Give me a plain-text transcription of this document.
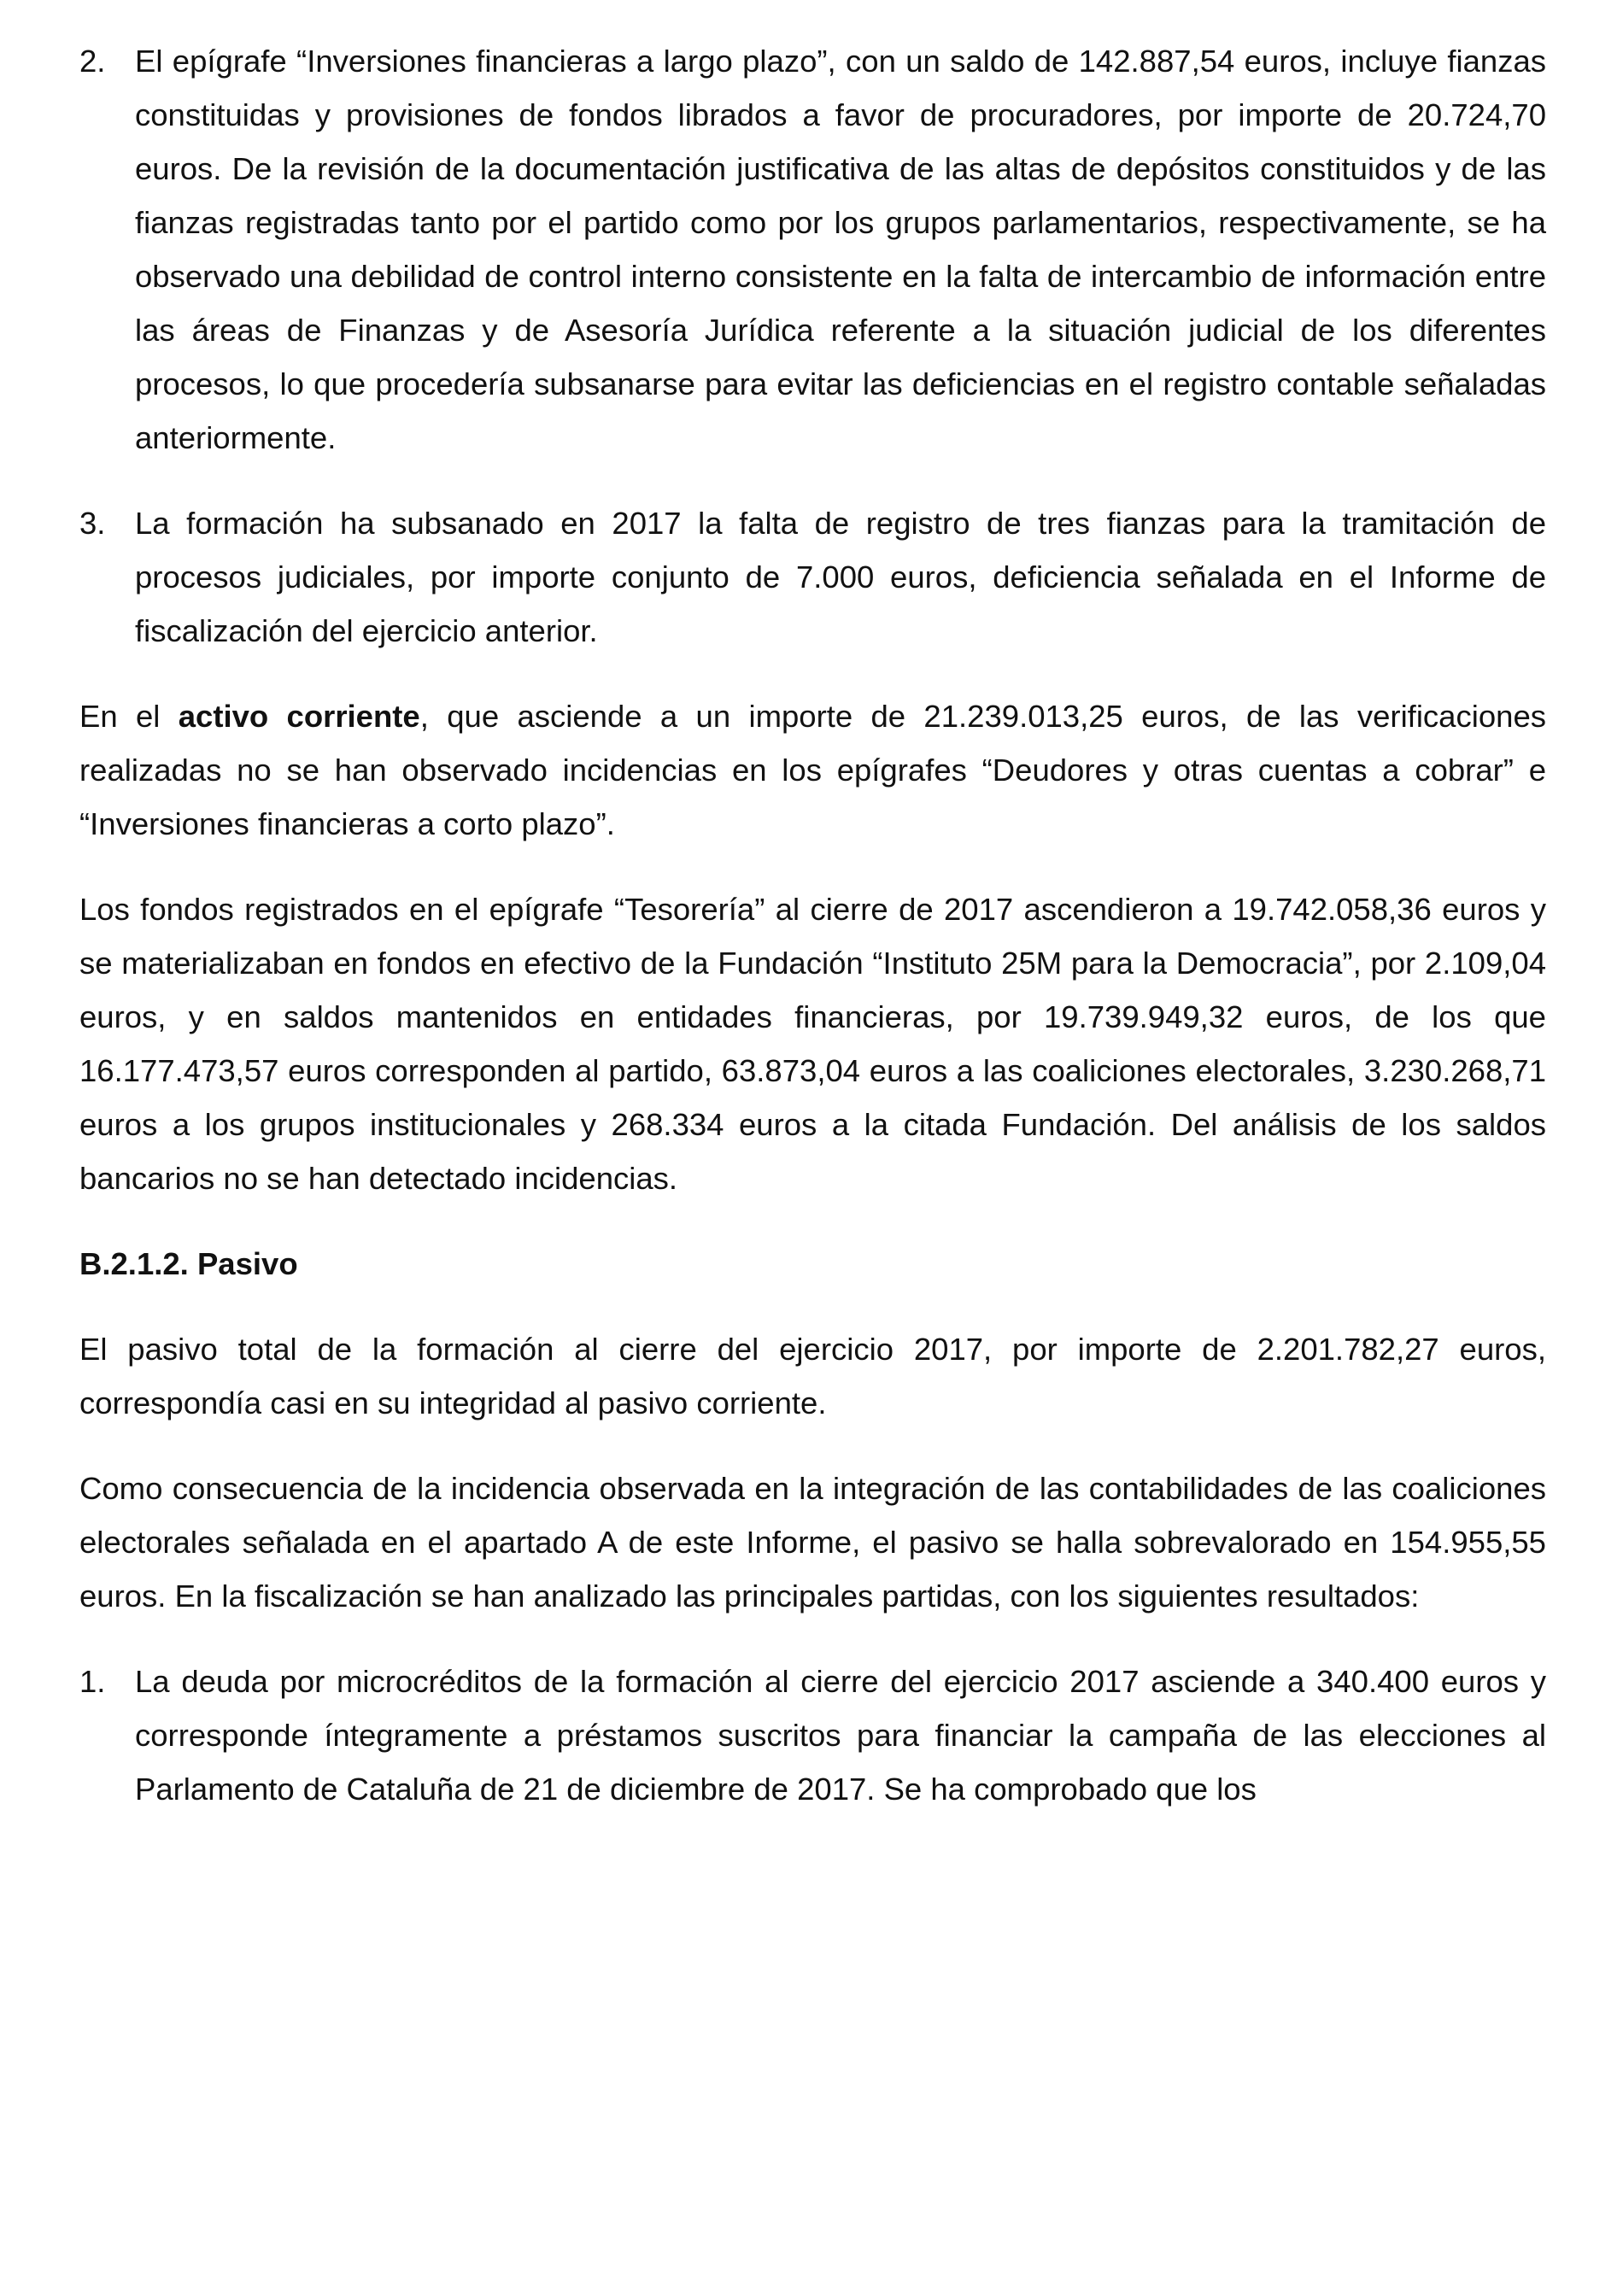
2. El epígrafe “Inversiones financieras a largo plazo”, con un saldo de 142.887,54 euros, incluye fianzas constituidas y provisiones de fondos librados a favor de procuradores, por importe de 20.724,70 euros. De la revisión de la documentación justificativa de las altas de depósitos constituidos y de las fianzas registradas tanto por el partido como por los grupos parlamentarios, respectivamente, se ha observado una debilidad de control interno consistente en la falta de intercambio de información entre las áreas de Finanzas y de Asesoría Jurídica referente a la situación judicial de los diferentes procesos, lo que procedería subsanarse para evitar las deficiencias en el registro contable señaladas anteriormente.
3. La formación ha subsanado en 2017 la falta de registro de tres fianzas para la tramitación de procesos judiciales, por importe conjunto de 7.000 euros, deficiencia señalada en el Informe de fiscalización del ejercicio anterior.

En el activo corriente, que asciende a un importe de 21.239.013,25 euros, de las verificaciones realizadas no se han observado incidencias en los epígrafes “Deudores y otras cuentas a cobrar” e “Inversiones financieras a corto plazo”.

Los fondos registrados en el epígrafe “Tesorería” al cierre de 2017 ascendieron a 19.742.058,36 euros y se materializaban en fondos en efectivo de la Fundación “Instituto 25M para la Democracia”, por 2.109,04 euros, y en saldos mantenidos en entidades financieras, por 19.739.949,32 euros, de los que 16.177.473,57 euros corresponden al partido, 63.873,04 euros a las coaliciones electorales, 3.230.268,71 euros a los grupos institucionales y 268.334 euros a la citada Fundación. Del análisis de los saldos bancarios no se han detectado incidencias.

B.2.1.2. Pasivo

El pasivo total de la formación al cierre del ejercicio 2017, por importe de 2.201.782,27 euros, correspondía casi en su integridad al pasivo corriente.

Como consecuencia de la incidencia observada en la integración de las contabilidades de las coaliciones electorales señalada en el apartado A de este Informe, el pasivo se halla sobrevalorado en 154.955,55 euros. En la fiscalización se han analizado las principales partidas, con los siguientes resultados:

1. La deuda por microcréditos de la formación al cierre del ejercicio 2017 asciende a 340.400 euros y corresponde íntegramente a préstamos suscritos para financiar la campaña de las elecciones al Parlamento de Cataluña de 21 de diciembre de 2017. Se ha comprobado que los
